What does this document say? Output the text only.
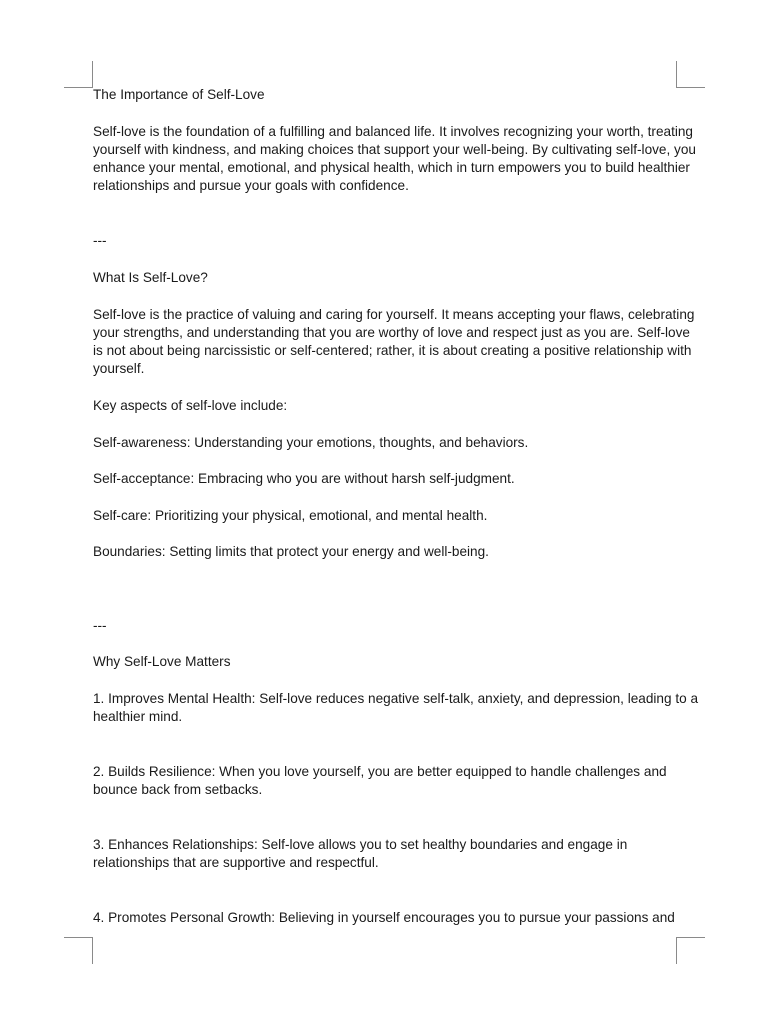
The Importance of Self-Love

Self-love is the foundation of a fulfilling and balanced life. It involves recognizing your worth, treating yourself with kindness, and making choices that support your well-being. By cultivating self-love, you enhance your mental, emotional, and physical health, which in turn empowers you to build healthier relationships and pursue your goals with confidence.

---

What Is Self-Love?

Self-love is the practice of valuing and caring for yourself. It means accepting your flaws, celebrating your strengths, and understanding that you are worthy of love and respect just as you are. Self-love is not about being narcissistic or self-centered; rather, it is about creating a positive relationship with yourself.

Key aspects of self-love include:

Self-awareness: Understanding your emotions, thoughts, and behaviors.

Self-acceptance: Embracing who you are without harsh self-judgment.

Self-care: Prioritizing your physical, emotional, and mental health.

Boundaries: Setting limits that protect your energy and well-being.

---

Why Self-Love Matters

1. Improves Mental Health: Self-love reduces negative self-talk, anxiety, and depression, leading to a healthier mind.

2. Builds Resilience: When you love yourself, you are better equipped to handle challenges and bounce back from setbacks.

3. Enhances Relationships: Self-love allows you to set healthy boundaries and engage in relationships that are supportive and respectful.

4. Promotes Personal Growth: Believing in yourself encourages you to pursue your passions and
